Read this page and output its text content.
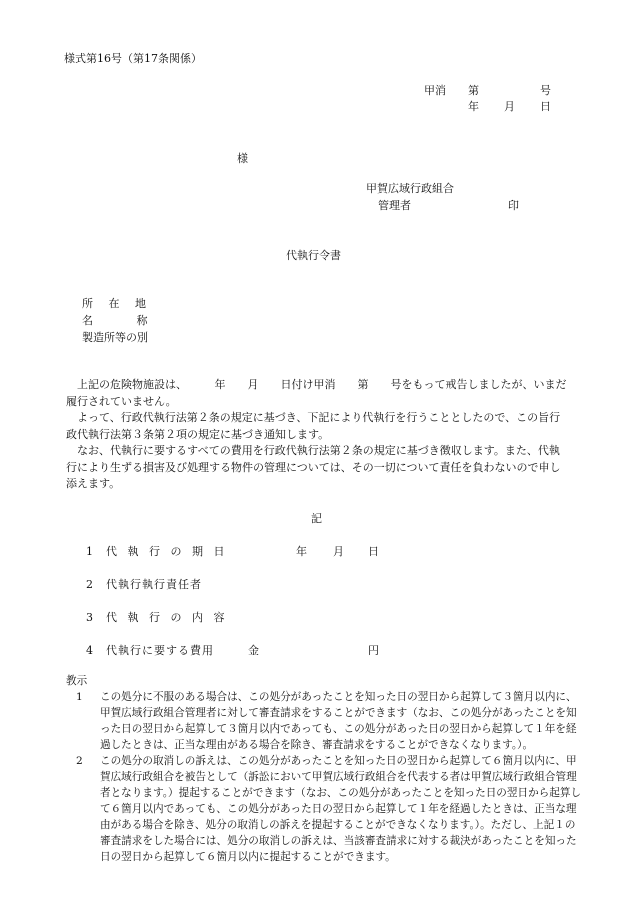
様式第16号（第17条関係）
甲消 第	号
年 月 日
様
甲賀広域行政組合
管理者	印
代執行令書
所 在 地
名 称
製造所等の別

上記の危険物施設は、　　　年　　月　　日付け甲消　　第　　号をもって戒告しましたが、いまだ履行されていません。

よって、行政代執行法第２条の規定に基づき、下記により代執行を行うこととしたので、この旨行政代執行法第３条第２項の規定に基づき通知します。

なお、代執行に要するすべての費用を行政代執行法第２条の規定に基づき徴収します。また、代執行により生ずる損害及び処理する物件の管理については、その一切について責任を負わないので申し添えます。

記
1 代 執 行 の 期 日	年 月 日
2 代執行執行責任者
3 代 執 行 の 内 容
4 代執行に要する費用	金	円

教示

1 この処分に不服のある場合は、この処分があったことを知った日の翌日から起算して３箇月以内に、甲賀広域行政組合管理者に対して審査請求をすることができます（なお、この処分があったことを知った日の翌日から起算して３箇月以内であっても、この処分があった日の翌日から起算して１年を経過したときは、正当な理由がある場合を除き、審査請求をすることができなくなります。）。

2 この処分の取消しの訴えは、この処分があったことを知った日の翌日から起算して６箇月以内に、甲賀広域行政組合を被告として（訴訟において甲賀広域行政組合を代表する者は甲賀広域行政組合管理者となります。）提起することができます（なお、この処分があったことを知った日の翌日から起算して６箇月以内であっても、この処分があった日の翌日から起算して１年を経過したときは、正当な理由がある場合を除き、処分の取消しの訴えを提起することができなくなります。）。ただし、上記１の審査請求をした場合には、処分の取消しの訴えは、当該審査請求に対する裁決があったことを知った日の翌日から起算して６箇月以内に提起することができます。
